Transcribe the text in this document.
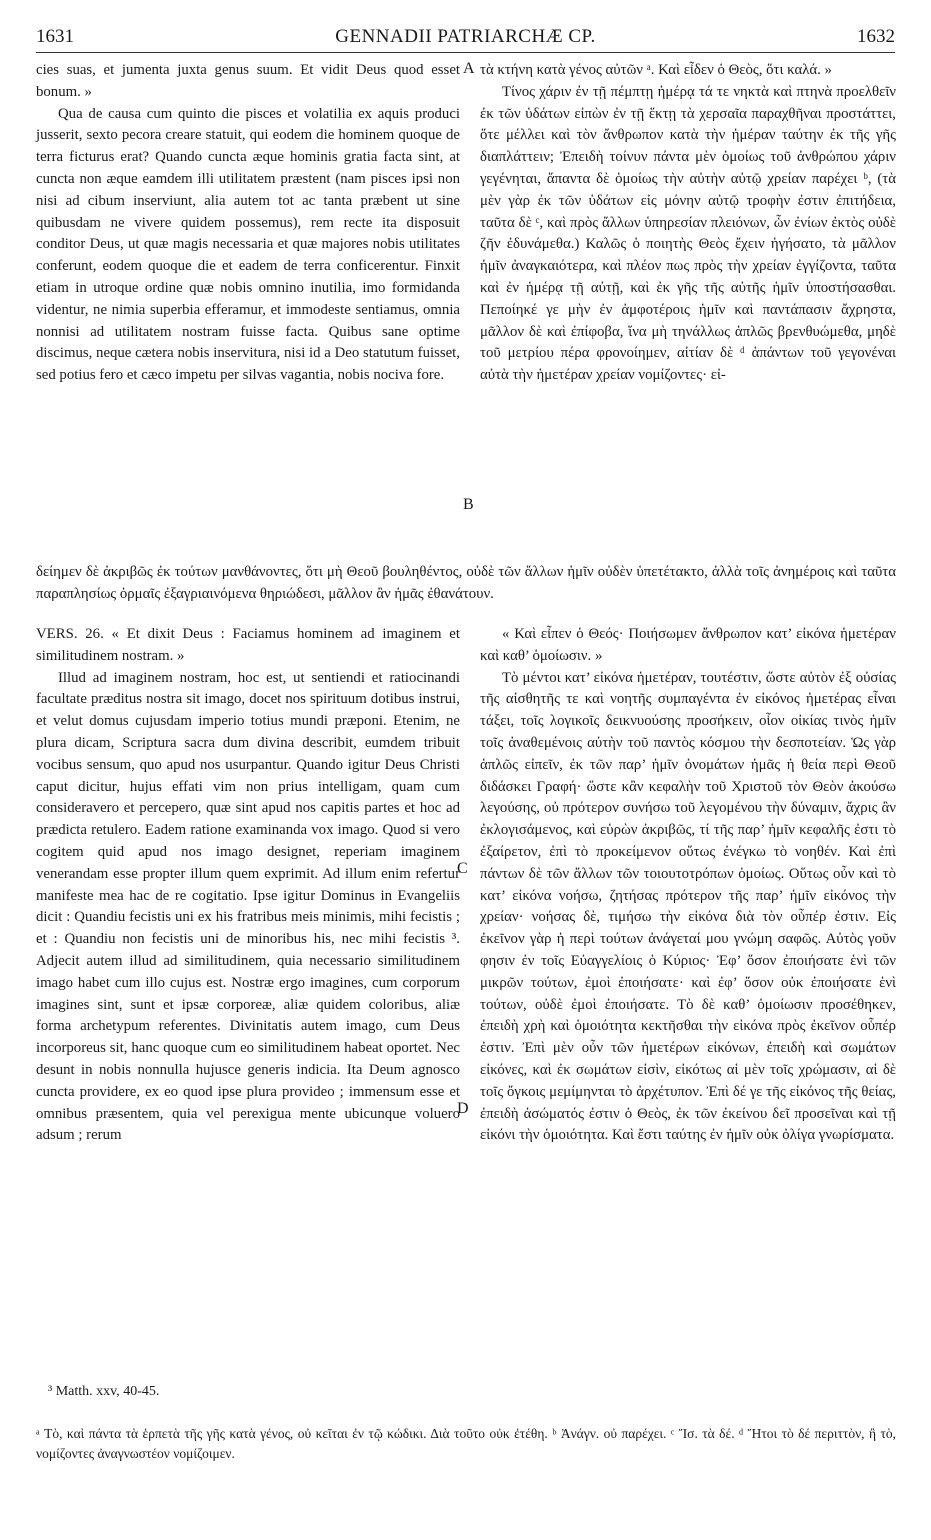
1631	GENNADII PATRIARCHÆ CP.	1632

cies suas, et jumenta juxta genus suum. Et vidit Deus quod esset bonum. »

Qua de causa cum quinto die pisces et volatilia ex aquis produci jusserit, sexto pecora creare statuit, qui eodem die hominem quoque de terra ficturus erat? Quando cuncta æque hominis gratia facta sint, at cuncta non æque eamdem illi utilitatem præstent (nam pisces ipsi non nisi ad cibum inserviunt, alia autem tot ac tanta præbent ut sine quibusdam ne vivere quidem possemus), rem recte ita disposuit conditor Deus, ut quæ magis necessaria et quæ majores nobis utilitates conferunt, eodem quoque die et eadem de terra conficerentur. Finxit etiam in utroque ordine quæ nobis omnino inutilia, imo formidanda videntur, ne nimia superbia efferamur, et immodeste sentiamus, omnia nonnisi ad utilitatem nostram fuisse facta. Quibus sane optime discimus, neque cætera nobis inservitura, nisi id a Deo statutum fuisset, sed potius fero et cæco impetu per silvas vagantia, nobis nociva fore.

τὰ κτήνη κατὰ γένος αὐτῶν ᵃ. Καὶ εἶδεν ὁ Θεὸς, ὅτι καλά. »

Τίνος χάριν ἐν τῇ πέμπτῃ ἡμέρᾳ τά τε νηκτὰ καὶ πτηνὰ προελθεῖν ἐκ τῶν ὑδάτων εἰπὼν ἐν τῇ ἕκτῃ τὰ χερσαῖα παραχθῆναι προστάττει, ὅτε μέλλει καὶ τὸν ἄνθρωπον κατὰ τὴν ἡμέραν ταύτην ἐκ τῆς γῆς διαπλάττειν; Ἐπειδὴ τοίνυν πάντα μὲν ὁμοίως τοῦ ἀνθρώπου χάριν γεγένηται, ἅπαντα δὲ ὁμοίως τὴν αὐτὴν αὐτῷ χρείαν παρέχει ᵇ, (τὰ μὲν γὰρ ἐκ τῶν ὑδάτων εἰς μόνην αὐτῷ τροφὴν ἐστιν ἐπιτήδεια, ταῦτα δὲ ᶜ, καὶ πρὸς ἄλλων ὑπηρεσίαν πλειόνων, ὧν ἐνίων ἐκτὸς οὐδὲ ζῆν ἐδυνάμεθα.) Καλῶς ὁ ποιητὴς Θεὸς ἔχειν ἡγήσατο, τὰ μᾶλλον ἡμῖν ἀναγκαιότερα, καὶ πλέον πως πρὸς τὴν χρείαν ἐγγίζοντα, ταῦτα καὶ ἐν ἡμέρᾳ τῇ αὐτῇ, καὶ ἐκ γῆς τῆς αὐτῆς ἡμῖν ὑποστήσασθαι. Πεποίηκέ γε μὴν ἐν ἀμφοτέροις ἡμῖν καὶ παντάπασιν ἄχρηστα, μᾶλλον δὲ καὶ ἐπίφοβα, ἵνα μὴ τηνάλλως ἁπλῶς βρενθυώμεθα, μηδὲ τοῦ μετρίου πέρα φρονοίημεν, αἰτίαν δὲ ᵈ ἁπάντων τοῦ γεγονέναι αὐτὰ τὴν ἡμετέραν χρείαν νομίζοντες· εἰ-

A
B
δείημεν δὲ ἀκριβῶς ἐκ τούτων μανθάνοντες, ὅτι μὴ Θεοῦ βουληθέντος, οὐδὲ τῶν ἄλλων ἡμῖν οὐδὲν ὑπετέτακτο, ἀλλὰ τοῖς ἀνημέροις καὶ ταῦτα παραπλησίως ὁρμαῖς ἐξαγριαινόμενα θηριώδεσι, μᾶλλον ἂν ἡμᾶς ἐθανάτουν.

VERS. 26. « Et dixit Deus : Faciamus hominem ad imaginem et similitudinem nostram. »

Illud ad imaginem nostram, hoc est, ut sentiendi et ratiocinandi facultate præditus nostra sit imago, docet nos spirituum dotibus instrui, et velut domus cujusdam imperio totius mundi præponi. Etenim, ne plura dicam, Scriptura sacra dum divina describit, eumdem tribuit vocibus sensum, quo apud nos usurpantur. Quando igitur Deus Christi caput dicitur, hujus effati vim non prius intelligam, quam cum consideravero et percepero, quæ sint apud nos capitis partes et hoc ad prædicta retulero. Eadem ratione examinanda vox imago. Quod si vero cogitem quid apud nos imago designet, reperiam imaginem venerandam esse propter illum quem exprimit. Ad illum enim refertur manifeste mea hac de re cogitatio. Ipse igitur Dominus in Evangeliis dicit : Quandiu fecistis uni ex his fratribus meis minimis, mihi fecistis ; et : Quandiu non fecistis uni de minoribus his, nec mihi fecistis ³. Adjecit autem illud ad similitudinem, quia necessario similitudinem imago habet cum illo cujus est. Nostræ ergo imagines, cum corporum imagines sint, sunt et ipsæ corporeæ, aliæ quidem coloribus, aliæ forma archetypum referentes. Divinitatis autem imago, cum Deus incorporeus sit, hanc quoque cum eo similitudinem habeat oportet. Nec desunt in nobis nonnulla hujusce generis indicia. Ita Deum agnosco cuncta providere, ex eo quod ipse plura provideo ; immensum esse et omnibus præsentem, quia vel perexigua mente ubicunque voluero adsum ; rerum

« Καὶ εἶπεν ὁ Θεός· Ποιήσωμεν ἄνθρωπον κατ’ εἰκόνα ἡμετέραν καὶ καθ’ ὁμοίωσιν. »

Τὸ μέντοι κατ’ εἰκόνα ἡμετέραν, τουτέστιν, ὥστε αὐτὸν ἐξ οὐσίας τῆς αἰσθητῆς τε καὶ νοητῆς συμπαγέντα ἐν εἰκόνος ἡμετέρας εἶναι τάξει, τοῖς λογικοῖς δεικνυούσης προσήκειν, οἷον οἰκίας τινὸς ἡμῖν τοῖς ἀναθεμένοις αὐτὴν τοῦ παντὸς κόσμου τὴν δεσποτείαν. Ὡς γὰρ ἁπλῶς εἰπεῖν, ἐκ τῶν παρ’ ἡμῖν ὀνομάτων ἡμᾶς ἡ θεία περὶ Θεοῦ διδάσκει Γραφή· ὥστε κἂν κεφαλὴν τοῦ Χριστοῦ τὸν Θεὸν ἀκούσω λεγούσης, οὐ πρότερον συνήσω τοῦ λεγομένου τὴν δύναμιν, ἄχρις ἂν ἐκλογισάμενος, καὶ εὑρὼν ἀκριβῶς, τί τῆς παρ’ ἡμῖν κεφαλῆς ἐστι τὸ ἐξαίρετον, ἐπὶ τὸ προκείμενον οὕτως ἐνέγκω τὸ νοηθέν. Καὶ ἐπὶ πάντων δὲ τῶν ἄλλων τῶν τοιουτοτρόπων ὁμοίως. Οὕτως οὖν καὶ τὸ κατ’ εἰκόνα νοήσω, ζητήσας πρότερον τῆς παρ’ ἡμῖν εἰκόνος τὴν χρείαν· νοήσας δὲ, τιμήσω τὴν εἰκόνα διὰ τὸν οὗπέρ ἐστιν. Εἰς ἐκεῖνον γὰρ ἡ περὶ τούτων ἀνάγεταί μου γνώμη σαφῶς. Αὐτὸς γοῦν φησιν ἐν τοῖς Εὐαγγελίοις ὁ Κύριος· Ἐφ’ ὅσον ἐποιήσατε ἑνὶ τῶν μικρῶν τούτων, ἐμοὶ ἐποιήσατε· καὶ ἐφ’ ὅσον οὐκ ἐποιήσατε ἑνὶ τούτων, οὐδὲ ἐμοὶ ἐποιήσατε. Τὸ δὲ καθ’ ὁμοίωσιν προσέθηκεν, ἐπειδὴ χρὴ καὶ ὁμοιότητα κεκτῆσθαι τὴν εἰκόνα πρὸς ἐκεῖνον οὗπέρ ἐστιν. Ἐπὶ μὲν οὖν τῶν ἡμετέρων εἰκόνων, ἐπειδὴ καὶ σωμάτων εἰκόνες, καὶ ἐκ σωμάτων εἰσὶν, εἰκότως αἱ μὲν τοῖς χρώμασιν, αἱ δὲ τοῖς ὄγκοις μεμίμηνται τὸ ἀρχέτυπον. Ἐπὶ δέ γε τῆς εἰκόνος τῆς θείας, ἐπειδὴ ἀσώματός ἐστιν ὁ Θεὸς, ἐκ τῶν ἐκείνου δεῖ προσεῖναι καὶ τῇ εἰκόνι τὴν ὁμοιότητα. Καὶ ἔστι ταύτης ἐν ἡμῖν οὐκ ὀλίγα γνωρίσματα.

C
D
³ Matth. xxv, 40-45.
ᵃ Τὸ, καὶ πάντα τὰ ἑρπετὰ τῆς γῆς κατὰ γένος, οὐ κεῖται ἐν τῷ κώδικι. Διὰ τοῦτο οὐκ ἐτέθη. ᵇ Ἀνάγν. οὐ παρέχει. ᶜ Ἴσ. τὰ δέ. ᵈ Ἤτοι τὸ δέ περιττὸν, ἢ τὸ, νομίζοντες ἀναγνωστέον νομίζοιμεν.
